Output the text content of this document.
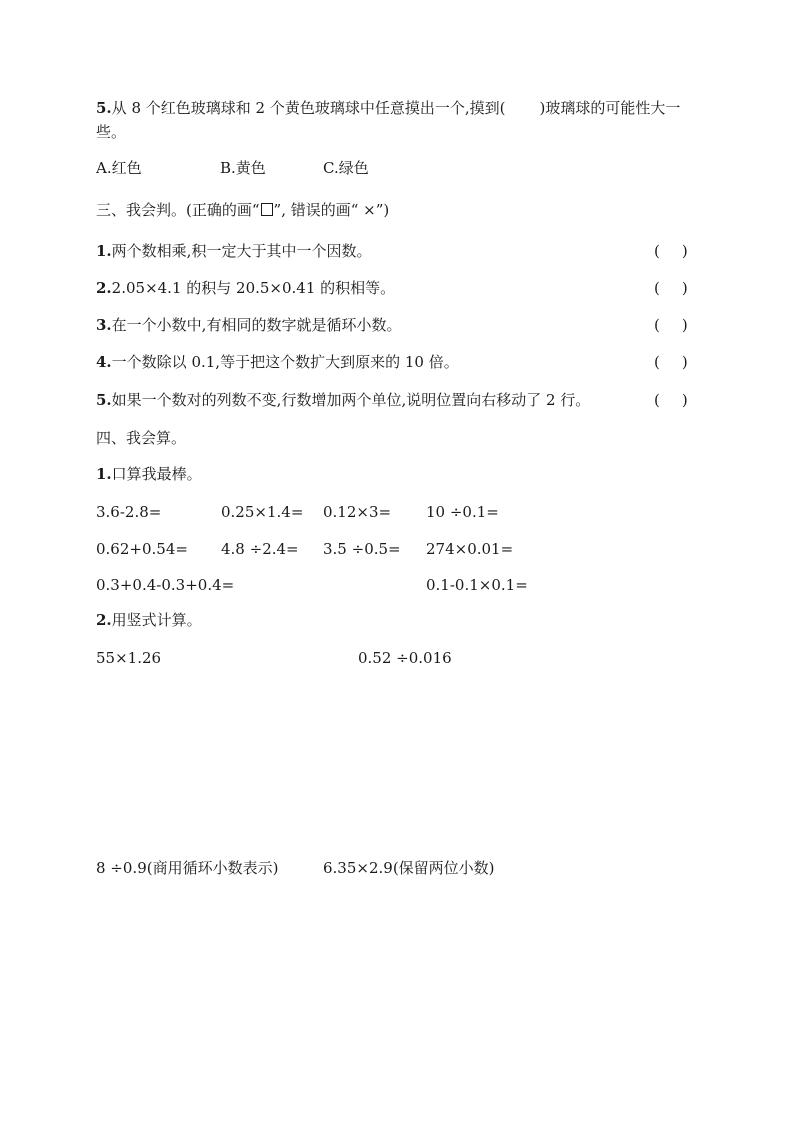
5.从 8 个红色玻璃球和 2 个黄色玻璃球中任意摸出一个,摸到( )玻璃球的可能性大一
些。
A.红色	B.黄色	C.绿色
三、我会判。(正确的画“ ”, 错误的画“ ×”)
1.两个数相乘,积一定大于其中一个因数。	( )
2.2.05×4.1 的积与 20.5×0.41 的积相等。	( )
3.在一个小数中,有相同的数字就是循环小数。	( )
4.一个数除以 0.1,等于把这个数扩大到原来的 10 倍。	( )
5.如果一个数对的列数不变,行数增加两个单位,说明位置向右移动了 2 行。	( )
四、我会算。
1.口算我最棒。
3.6-2.8=	0.25×1.4= 0.12×3= 10 ÷0.1=
0.62+0.54= 4.8 ÷2.4= 3.5 ÷0.5= 274×0.01=
0.3+0.4-0.3+0.4=	0.1-0.1×0.1=
2.用竖式计算。
55×1.26	0.52 ÷0.016
8 ÷0.9(商用循环小数表示)	6.35×2.9(保留两位小数)
